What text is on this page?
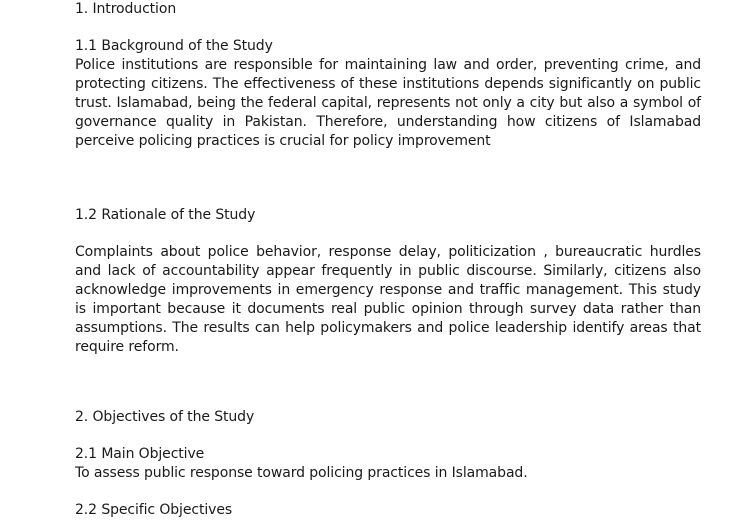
1. Introduction
1.1 Background of the Study

Police institutions are responsible for maintaining law and order, preventing crime, and protecting citizens. The effectiveness of these institutions depends significantly on public trust. Islamabad, being the federal capital, represents not only a city but also a symbol of governance quality in Pakistan. Therefore, understanding how citizens of Islamabad perceive policing practices is crucial for policy improvement

1.2 Rationale of the Study

Complaints about police behavior, response delay, politicization , bureaucratic hurdles and lack of accountability appear frequently in public discourse. Similarly, citizens also acknowledge improvements in emergency response and traffic management. This study is important because it documents real public opinion through survey data rather than assumptions. The results can help policymakers and police leadership identify areas that require reform.

2. Objectives of the Study
2.1 Main Objective

To assess public response toward policing practices in Islamabad.

2.2 Specific Objectives
